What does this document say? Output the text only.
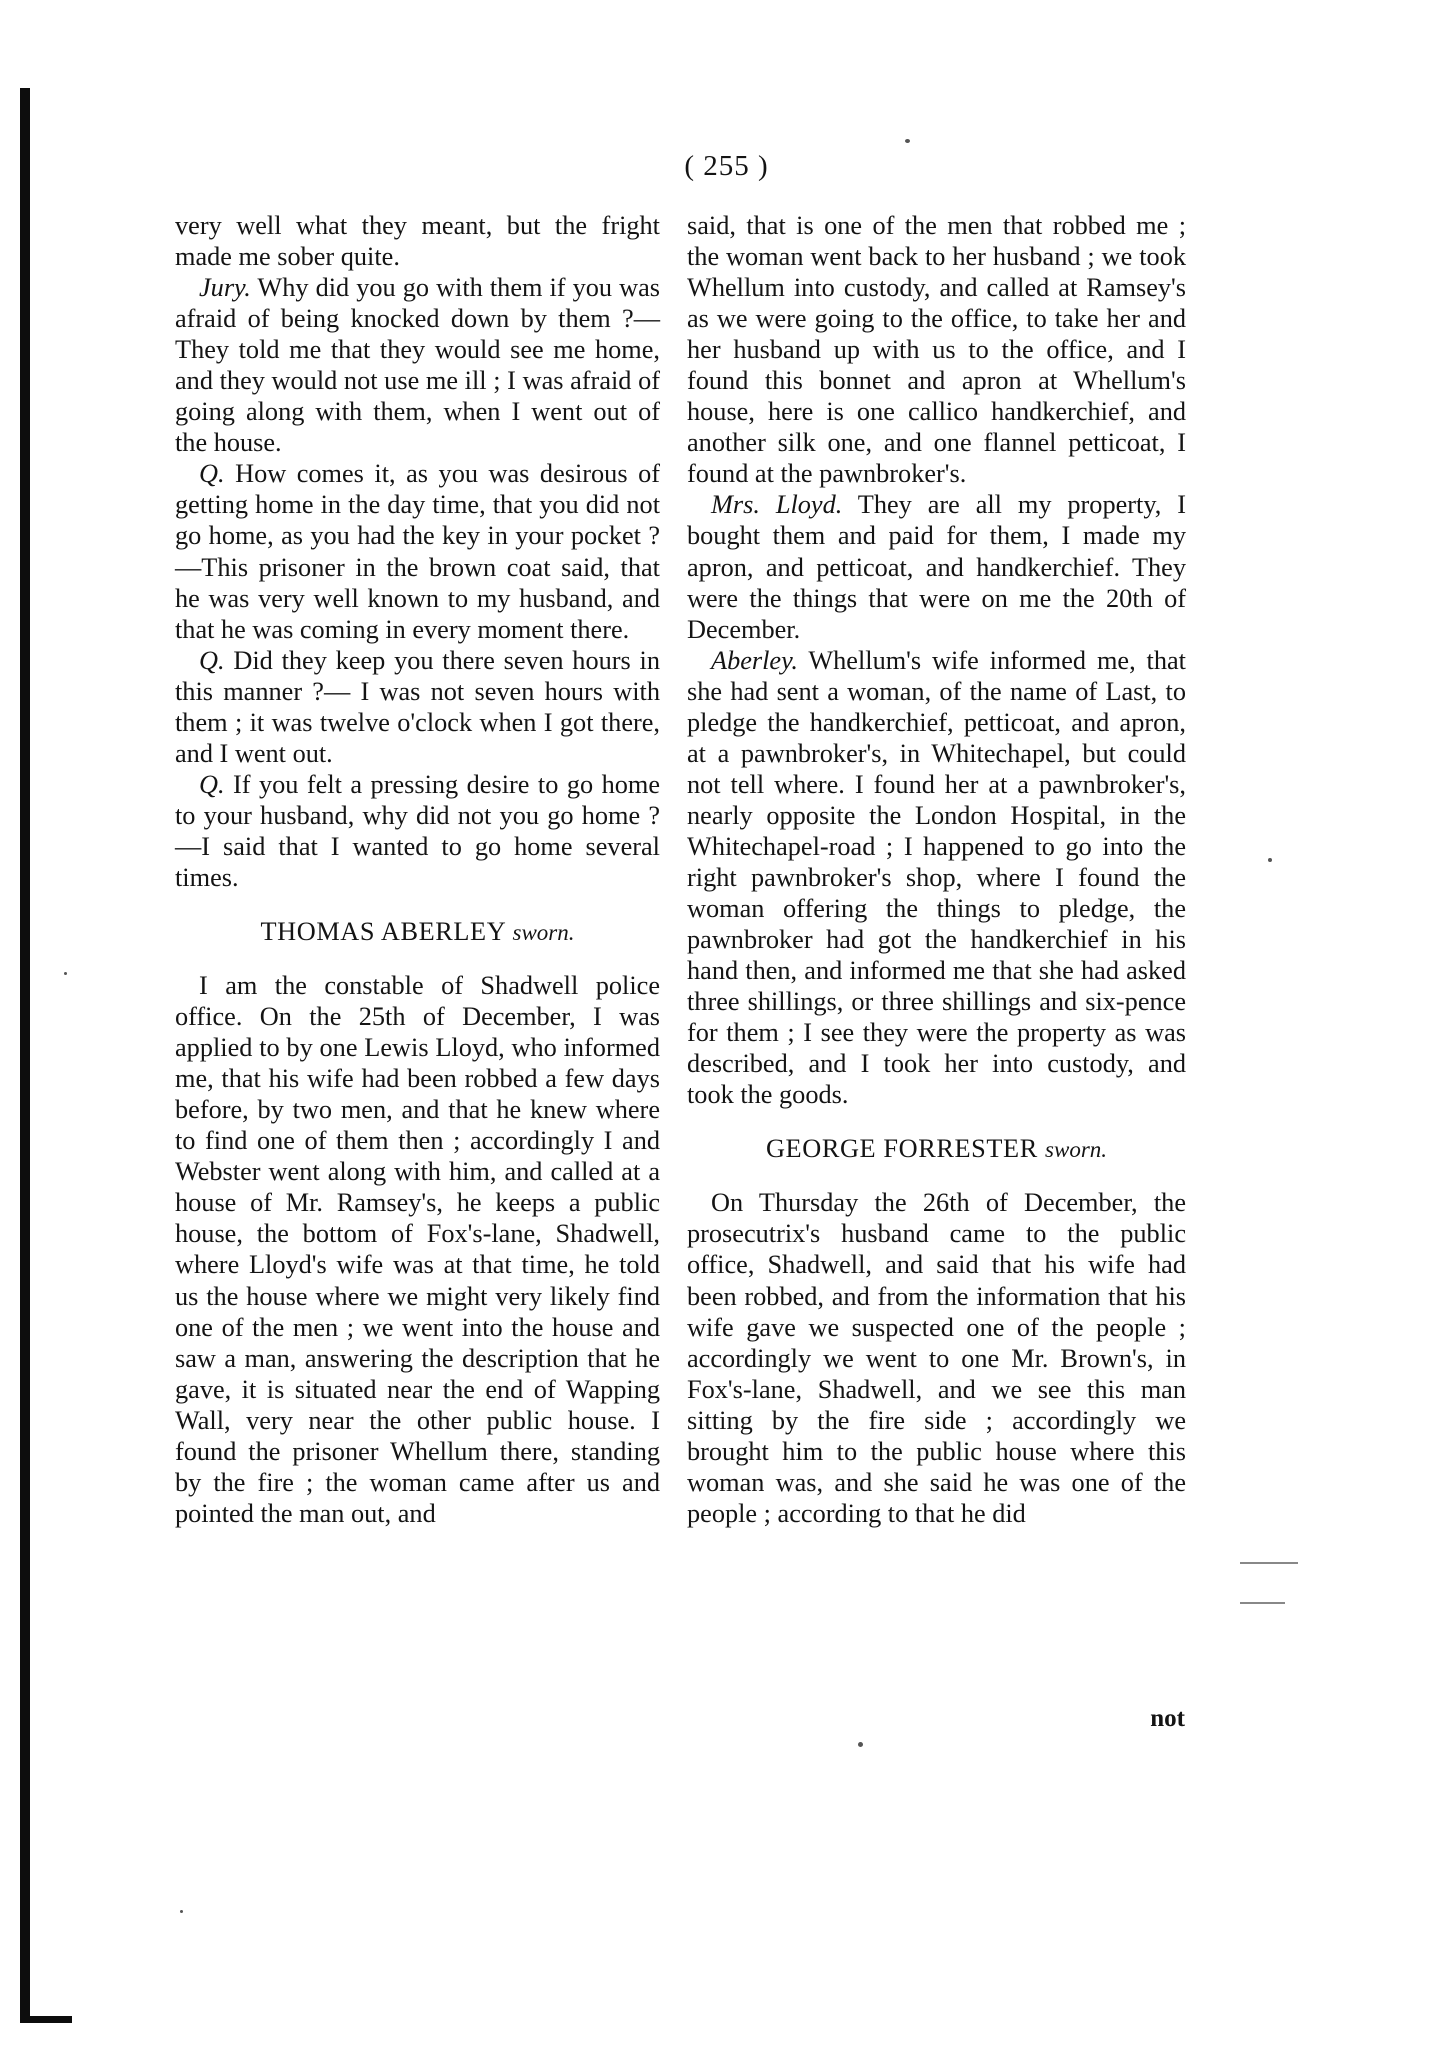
( 255 )

very well what they meant, but the fright made me sober quite.

Jury. Why did you go with them if you was afraid of being knocked down by them ?—They told me that they would see me home, and they would not use me ill ; I was afraid of going along with them, when I went out of the house.

Q. How comes it, as you was desirous of getting home in the day time, that you did not go home, as you had the key in your pocket ?—This prisoner in the brown coat said, that he was very well known to my husband, and that he was coming in every moment there.

Q. Did they keep you there seven hours in this manner ?— I was not seven hours with them ; it was twelve o'clock when I got there, and I went out.

Q. If you felt a pressing desire to go home to your husband, why did not you go home ?—I said that I wanted to go home several times.

THOMAS ABERLEY sworn.

I am the constable of Shadwell police office. On the 25th of December, I was applied to by one Lewis Lloyd, who informed me, that his wife had been robbed a few days before, by two men, and that he knew where to find one of them then ; accordingly I and Webster went along with him, and called at a house of Mr. Ramsey's, he keeps a public house, the bottom of Fox's-lane, Shadwell, where Lloyd's wife was at that time, he told us the house where we might very likely find one of the men ; we went into the house and saw a man, answering the description that he gave, it is situated near the end of Wapping Wall, very near the other public house. I found the prisoner Whellum there, standing by the fire ; the woman came after us and pointed the man out, and

said, that is one of the men that robbed me ; the woman went back to her husband ; we took Whellum into custody, and called at Ramsey's as we were going to the office, to take her and her husband up with us to the office, and I found this bonnet and apron at Whellum's house, here is one callico handkerchief, and another silk one, and one flannel petticoat, I found at the pawnbroker's.

Mrs. Lloyd. They are all my property, I bought them and paid for them, I made my apron, and petticoat, and handkerchief. They were the things that were on me the 20th of December.

Aberley. Whellum's wife informed me, that she had sent a woman, of the name of Last, to pledge the handkerchief, petticoat, and apron, at a pawnbroker's, in Whitechapel, but could not tell where. I found her at a pawnbroker's, nearly opposite the London Hospital, in the Whitechapel-road ; I happened to go into the right pawnbroker's shop, where I found the woman offering the things to pledge, the pawnbroker had got the handkerchief in his hand then, and informed me that she had asked three shillings, or three shillings and six-pence for them ; I see they were the property as was described, and I took her into custody, and took the goods.

GEORGE FORRESTER sworn.

On Thursday the 26th of December, the prosecutrix's husband came to the public office, Shadwell, and said that his wife had been robbed, and from the information that his wife gave we suspected one of the people ; accordingly we went to one Mr. Brown's, in Fox's-lane, Shadwell, and we see this man sitting by the fire side ; accordingly we brought him to the public house where this woman was, and she said he was one of the people ; according to that he did

not
